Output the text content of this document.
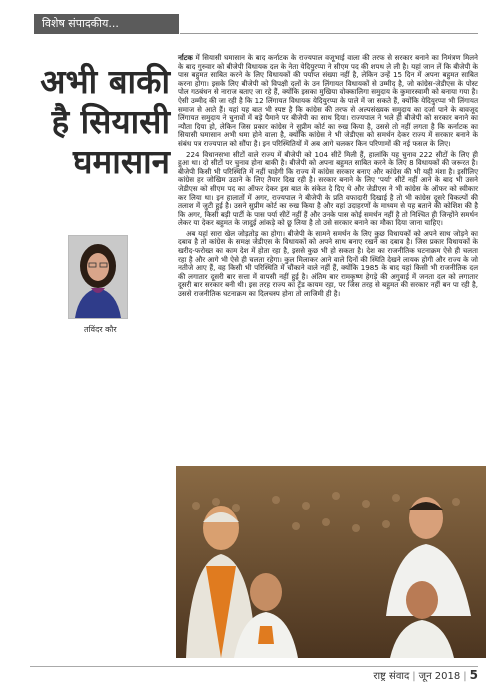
विशेष संपादकीय...
अभी बाकी
है सियासी
घमासान
तविंदर कौर

र्नाटक में सियासी घमासान के बाद कर्नाटक के राज्यपाल वजूभाई वाला की तरफ से सरकार बनाने का निमंत्रण मिलने के बाद गुरुवार को बीजेपी विधायक दल के नेता येदियुरप्पा ने सीएम पद की शपथ ले ली है। यहां जान लें कि बीजेपी के पास बहुमत साबित करने के लिए विधायकों की पर्याप्त संख्या नहीं है, लेकिन उन्हें 15 दिन में अपना बहुमत साबित करना होगा। इसके लिए बीजेपी को विपक्षी दलों के उन लिंगायत विधायकों से उम्मीद है, जो कांग्रेस-जेडीएस के पोस्ट पोल गठबंधन से नाराज बताए जा रहे हैं, क्योंकि इसका मुखिया वोक्कालिगा समुदाय के कुमारस्वामी को बनाया गया है। ऐसी उम्मीद की जा रही है कि 12 लिंगायत विधायक येदियुरप्पा के पाले में जा सकते हैं, क्योंकि येदियुरप्पा भी लिंगायत समाज से आते हैं। यहां यह बात भी स्पष्ट है कि कांग्रेस की तरफ से अल्पसंख्यक समुदाय का दर्जा पाने के बावजूद लिंगायत समुदाय ने चुनावों में बड़े पैमाने पर बीजेपी का साथ दिया। राज्यपाल ने भले ही बीजेपी को सरकार बनाने का न्यौता दिया हो, लेकिन जिस प्रकार कांग्रेस ने सुप्रीम कोर्ट का रुख किया है, उससे तो नहीं लगता है कि कर्नाटक का सियासी घमासान अभी थमा होने वाला है, क्योंकि कांग्रेस ने भी जेडीएस को समर्थन देकर राज्य में सरकार बनाने के संबंध पत्र राज्यपाल को सौंपा है। इन परिस्थितियों में अब आगे चलकर किन परिणामों की नई फसल के लिए।

224 विधानसभा सीटों वाले राज्य में बीजेपी को 104 सीटें मिली हैं, हालांकि यह चुनाव 222 सीटों के लिए ही हुआ था। दो सीटों पर चुनाव होना बाकी है। बीजेपी को अपना बहुमत साबित करने के लिए 8 विधायकों की जरूरत है। बीजेपी किसी भी परिस्थिति में नहीं चाहेगी कि राज्य में कांग्रेस सरकार बनाए और कांग्रेस की भी यही मंशा है। इसीलिए कांग्रेस हर जोखिम उठाने के लिए तैयार दिख रही है। सरकार बनाने के लिए 'पर्या' सीटें नहीं आने के बाद भी उसने जेडीएस को सीएम पद का ऑफर देकर इस बात के संकेत दे दिए थे और जेडीएस ने भी कांग्रेस के ऑफर को स्वीकार कर लिया था। इन हालातों में अगर, राज्यपाल ने बीजेपी के प्रति वफादारी दिखाई है तो भी कांग्रेस दूसरे विकल्पों की तलाश में जुटी हुई है। उसने सुप्रीम कोर्ट का रुख किया है और वहां उदाहरणों के माध्यम से यह बताने की कोशिश की है कि अगर, किसी बड़ी पार्टी के पास पर्या सीटें नहीं हैं और उनके पास कोई समर्थन नहीं है तो निश्चित ही जिन्होंने समर्थन लेकर या देकर बहुमत के जादुई आंकड़े को छू लिया है तो उसे सरकार बनाने का मौका दिया जाना चाहिए।

अब यहां सारा खेल जोड़तोड़ का होगा। बीजेपी के सामने समर्थन के लिए कुछ विधायकों को अपने साथ जोड़ने का दबाव है तो कांग्रेस के समक्ष जेडीएस के विधायकों को अपने साथ बनाए रखने का दबाव है। जिस प्रकार विधायकों के खरीद-फरोख्त का काम देश में होता रहा है, इससे कुछ भी हो सकता है। देश का राजनीतिक घटनाक्रम ऐसे ही चलता रहा है और आगे भी ऐसे ही चलता रहेगा। कुल मिलाकर आने वाले दिनों की स्थिति देखने लायक होगी और राज्य के जो नतीजे आए हैं, वह किसी भी परिस्थिति में चौंकाने वाले नहीं हैं, क्योंकि 1985 के बाद यहां किसी भी राजनीतिक दल की लगातार दूसरी बार सत्ता में वापसी नहीं हुई है। अंतिम बार रामकृष्ण हेगड़े की अगुवाई में जनता दल को लगातार दूसरी बार सरकार बनी थी। इस तरह राज्य का ट्रेंड कायम रहा, पर जिस तरह से बहुमत की सरकार नहीं बन पा रही है, उससे राजनीतिक घटनाक्रम का दिलचस्प होना तो लाजिमी ही है।

राष्ट्र संवाद | जून 2018 | 5
